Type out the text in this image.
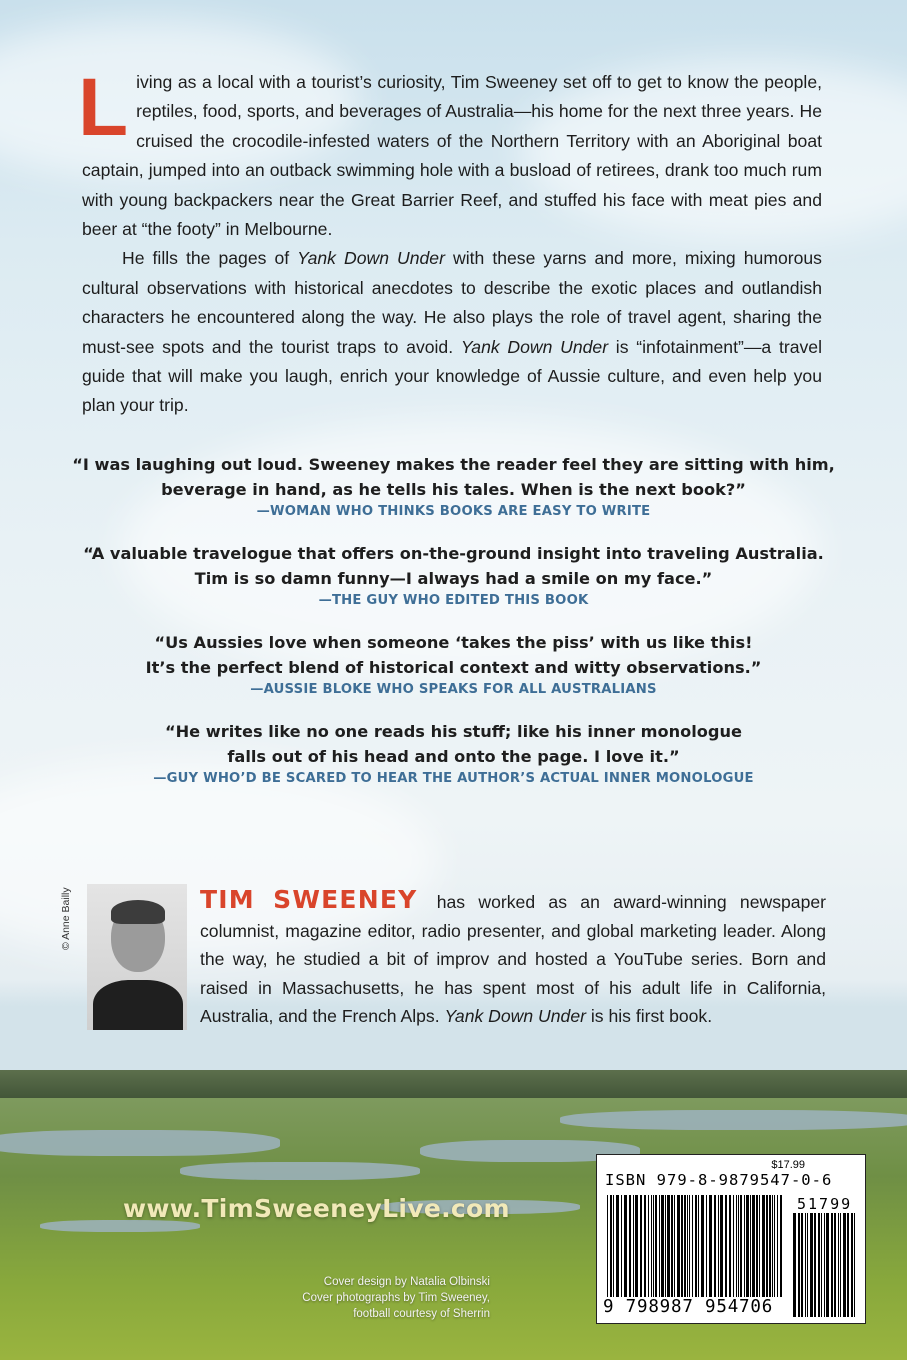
Living as a local with a tourist’s curiosity, Tim Sweeney set off to get to know the people, reptiles, food, sports, and beverages of Australia—his home for the next three years. He cruised the crocodile-infested waters of the Northern Territory with an Aboriginal boat captain, jumped into an outback swimming hole with a busload of retirees, drank too much rum with young backpackers near the Great Barrier Reef, and stuffed his face with meat pies and beer at “the footy” in Melbourne.

He fills the pages of Yank Down Under with these yarns and more, mixing humorous cultural observations with historical anecdotes to describe the exotic places and outlandish characters he encountered along the way. He also plays the role of travel agent, sharing the must-see spots and the tourist traps to avoid. Yank Down Under is “infotainment”—a travel guide that will make you laugh, enrich your knowledge of Aussie culture, and even help you plan your trip.

“I was laughing out loud. Sweeney makes the reader feel they are sitting with him,
beverage in hand, as he tells his tales. When is the next book?”
—WOMAN WHO THINKS BOOKS ARE EASY TO WRITE
“A valuable travelogue that offers on-the-ground insight into traveling Australia.
Tim is so damn funny—I always had a smile on my face.”
—THE GUY WHO EDITED THIS BOOK
“Us Aussies love when someone ‘takes the piss’ with us like this!
It’s the perfect blend of historical context and witty observations.”
—AUSSIE BLOKE WHO SPEAKS FOR ALL AUSTRALIANS
“He writes like no one reads his stuff; like his inner monologue
falls out of his head and onto the page. I love it.”
—GUY WHO’D BE SCARED TO HEAR THE AUTHOR’S ACTUAL INNER MONOLOGUE
© Anne Bailly	TIM SWEENEY has worked as an award-winning newspaper columnist, magazine editor, radio presenter, and global marketing leader. Along the way, he studied a bit of improv and hosted a YouTube series. Born and raised in Massachusetts, he has spent most of his adult life in California, Australia, and the French Alps. Yank Down Under is his first book.
www.TimSweeneyLive.com
Cover design by Natalia Olbinski
Cover photographs by Tim Sweeney,
football courtesy of Sherrin
$17.99
ISBN 979-8-9879547-0-6
51799
9 798987 954706
